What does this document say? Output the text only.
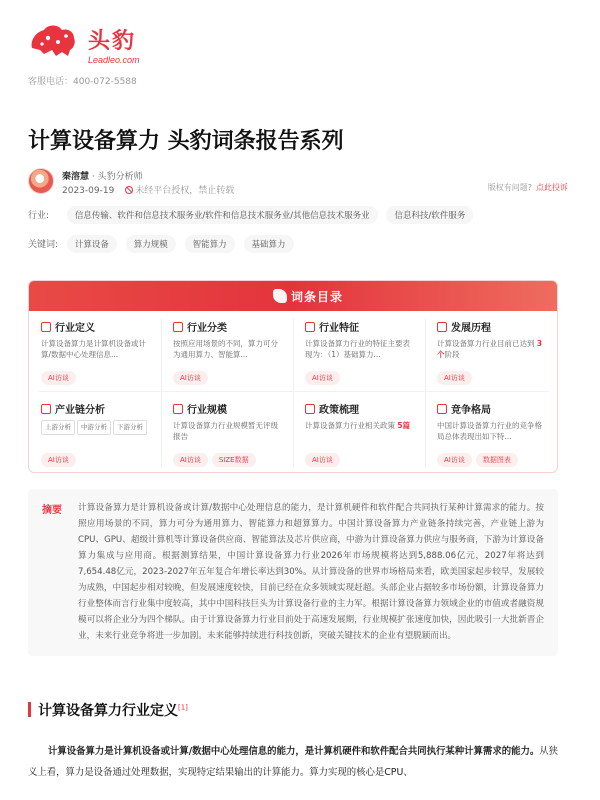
头豹
Leadleo.com
客服电话：400-072-5588
计算设备算力 头豹词条报告系列
秦溶慧 · 头豹分析师
2023-09-19 未经平台授权，禁止转载	版权有问题? 点此投诉
行业:	信息传输、软件和信息技术服务业/软件和信息技术服务业/其他信息技术服务业	信息科技/软件服务
关键词: 计算设备	算力规模	智能算力	基础算力
词条目录
行业定义
计算设备算力是计算机设备或计算/数据中心处理信息...
AI访谈
行业分类
按照应用场景的不同，算力可分为通用算力、智能算...
AI访谈
行业特征
计算设备算力行业的特征主要表现为：（1）基础算力...
AI访谈
发展历程
计算设备算力行业目前已达到 3个阶段
AI访谈
产业链分析
上游分析 中游分析 下游分析
AI访谈
行业规模
计算设备算力行业规模暂无评级报告
AI访谈	SIZE数据
政策梳理
计算设备算力行业相关政策 5篇
AI访谈
竞争格局
中国计算设备算力行业的竞争格局总体表现出如下特...
AI访谈	数据图表
摘要 计算设备算力是计算机设备或计算/数据中心处理信息的能力，是计算机硬件和软件配合共同执行某种计算需求的能力。按照应用场景的不同，算力可分为通用算力、智能算力和超算算力。中国计算设备算力产业链条持续完善，产业链上游为CPU、GPU、超级计算机等计算设备供应商、智能算法及芯片供应商，中游为计算设备算力供应与服务商，下游为计算设备算力集成与应用商。根据测算结果，中国计算设备算力行业2026年市场规模将达到5,888.06亿元，2027年将达到7,654.48亿元，2023-2027年五年复合年增长率达到30%。从计算设备的世界市场格局来看，欧美国家起步较早，发展较为成熟，中国起步相对较晚，但发展速度较快，目前已经在众多领域实现赶超。头部企业占据较多市场份额，计算设备算力行业整体而言行业集中度较高，其中中国科技巨头为计算设备行业的主力军。根据计算设备算力领域企业的市值或者融资规模可以将企业分为四个梯队。由于计算设备算力行业目前处于高速发展期，行业规模扩张速度加快，因此吸引一大批新晋企业，未来行业竞争将进一步加剧。未来能够持续进行科技创新，突破关键技术的企业有望脱颖而出。
计算设备算力行业定义[1]

计算设备算力是计算机设备或计算/数据中心处理信息的能力，是计算机硬件和软件配合共同执行某种计算需求的能力。从狭义上看，算力是设备通过处理数据，实现特定结果输出的计算能力。算力实现的核心是CPU、
